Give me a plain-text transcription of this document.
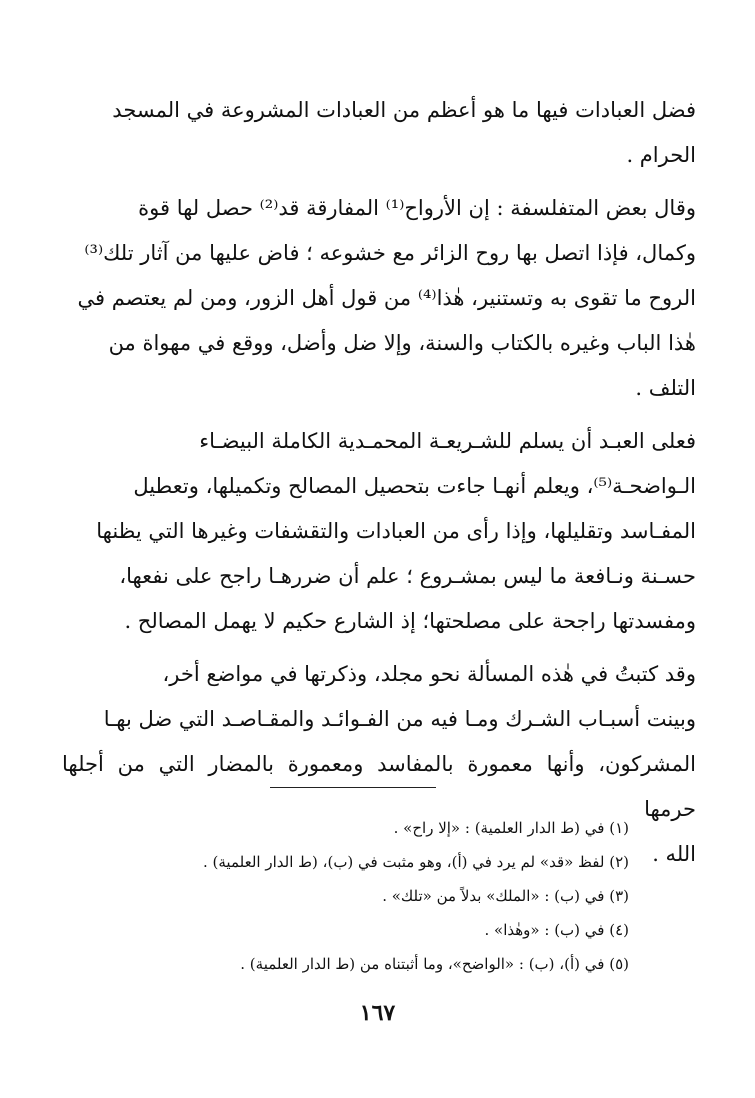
فضل العبادات فيها ما هو أعظم من العبادات المشروعة في المسجد
الحرام .

وقال بعض المتفلسفة : إن الأرواح⁽¹⁾ المفارقة قد⁽²⁾ حصل لها قوة
وكمال، فإذا اتصل بها روح الزائر مع خشوعه ؛ فاض عليها من آثار تلك⁽³⁾
الروح ما تقوى به وتستنير، هٰذا⁽⁴⁾ من قول أهل الزور، ومن لم يعتصم في
هٰذا الباب وغيره بالكتاب والسنة، وإلا ضل وأضل، ووقع في مهواة من
التلف .

فعلى العبـد أن يسلم للشـريعـة المحمـدية الكاملة البيضـاء
الـواضحـة⁽⁵⁾، ويعلم أنهـا جاءت بتحصيل المصالح وتكميلها، وتعطيل
المفـاسد وتقليلها، وإذا رأى من العبادات والتقشفات وغيرها التي يظنها
حسـنة ونـافعة ما ليس بمشـروع ؛ علم أن ضررهـا راجح على نفعها،
ومفسدتها راجحة على مصلحتها؛ إذ الشارع حكيم لا يهمل المصالح .

وقد كتبتُ في هٰذه المسألة نحو مجلد، وذكرتها في مواضع أخر،
وبينت أسبـاب الشـرك ومـا فيه من الفـوائـد والمقـاصـد التي ضل بهـا
المشركون، وأنها معمورة بالمفاسد ومعمورة بالمضار التي من أجلها حرمها
الله .

(١) في (ط الدار العلمية) : «إلا راح» .
(٢) لفظ «قد» لم يرد في (أ)، وهو مثبت في (ب)، (ط الدار العلمية) .
(٣) في (ب) : «الملك» بدلاً من «تلك» .
(٤) في (ب) : «وهٰذا» .
(٥) في (أ)، (ب) : «الواضح»، وما أثبتناه من (ط الدار العلمية) .
١٦٧
